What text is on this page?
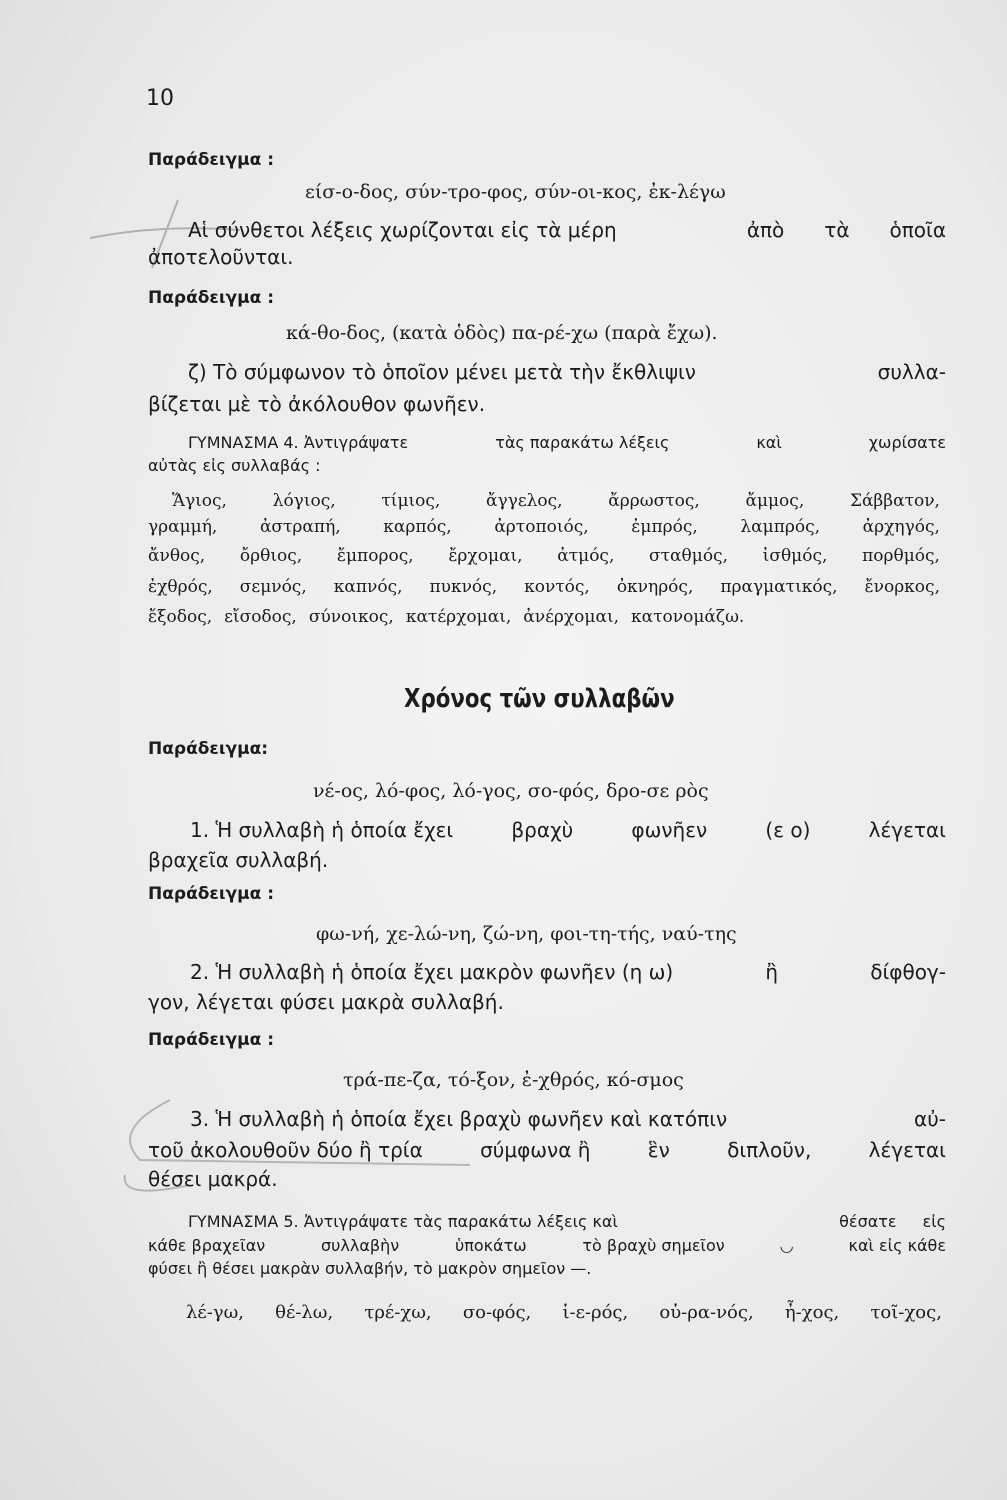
10
Παράδειγμα :
είσ-ο-δος, σύν-τρο-φος, σύν-οι-κος, ἐκ-λέγω
Αἱ σύνθετοι λέξεις χωρίζονται εἰς τὰ μέρη	ἀπὸ τὰ ὁποῖα
ἀποτελοῦνται.
Παράδειγμα :
κά-θο-δος, (κατὰ ὁδὸς) πα-ρέ-χω (παρὰ ἔχω).
ζ) Τὸ σύμφωνον τὸ ὁποῖον μένει μετὰ τὴν ἔκθλιψιν	συλλα-
βίζεται μὲ τὸ ἀκόλουθον φωνῆεν.
ΓΥΜΝΑΣΜΑ 4. Ἀντιγράψατε	τὰς παρακάτω λέξεις	καὶ	χωρίσατε
αὐτὰς εἰς συλλαβάς :
Ἅγιος,	λόγιος,	τίμιος,	ἄγγελος,	ἄρρωστος,	ἄμμος,	Σάββατον,
γραμμή,	ἀστραπή,	καρπός,	ἀρτοποιός,	ἐμπρός,	λαμπρός,	ἀρχηγός,
ἄνθος, ὄρθιος, ἔμπορος, ἔρχομαι, ἀτμός, σταθμός, ἰσθμός, πορθμός,
ἐχθρός, σεμνός, καπνός, πυκνός, κοντός, ὀκνηρός, πραγματικός, ἔνορκος,
ἔξοδος, εἴσοδος, σύνοικος, κατέρχομαι, ἀνέρχομαι, κατονομάζω.
Χρόνος τῶν συλλαβῶν
Παράδειγμα:
νέ-ος, λό-φος, λό-γος, σο-φός, δρο-σε ρὸς
1. Ἡ συλλαβὴ ἡ ὁποία ἔχει	βραχὺ	φωνῆεν	(ε ο)	λέγεται
βραχεῖα συλλαβή.
Παράδειγμα :
φω-νή, χε-λώ-νη, ζώ-νη, φοι-τη-τής, ναύ-της
2. Ἡ συλλαβὴ ἡ ὁποία ἔχει μακρὸν φωνῆεν (η ω)	ἢ	δίφθογ-
γον, λέγεται φύσει μακρὰ συλλαβή.
Παράδειγμα :
τρά-πε-ζα, τό-ξον, ἐ-χθρός, κό-σμος
3. Ἡ συλλαβὴ ἡ ὁποία ἔχει βραχὺ φωνῆεν καὶ κατόπιν	αὐ-
τοῦ ἀκολουθοῦν δύο ἢ τρία	σύμφωνα ἢ	ἓν	διπλοῦν,	λέγεται
θέσει μακρά.
ΓΥΜΝΑΣΜΑ 5. Ἀντιγράψατε τὰς παρακάτω λέξεις καὶ	θέσατε εἰς
κάθε βραχεῖαν	συλλαβὴν	ὑποκάτω	τὸ βραχὺ σημεῖον	◡	καὶ εἰς κάθε
φύσει ἢ θέσει μακρὰν συλλαβήν, τὸ μακρὸν σημεῖον —.
λέ-γω, θέ-λω, τρέ-χω, σο-φός, ἱ-ε-ρός, οὐ-ρα-νός, ἦ-χος, τοῖ-χος,
